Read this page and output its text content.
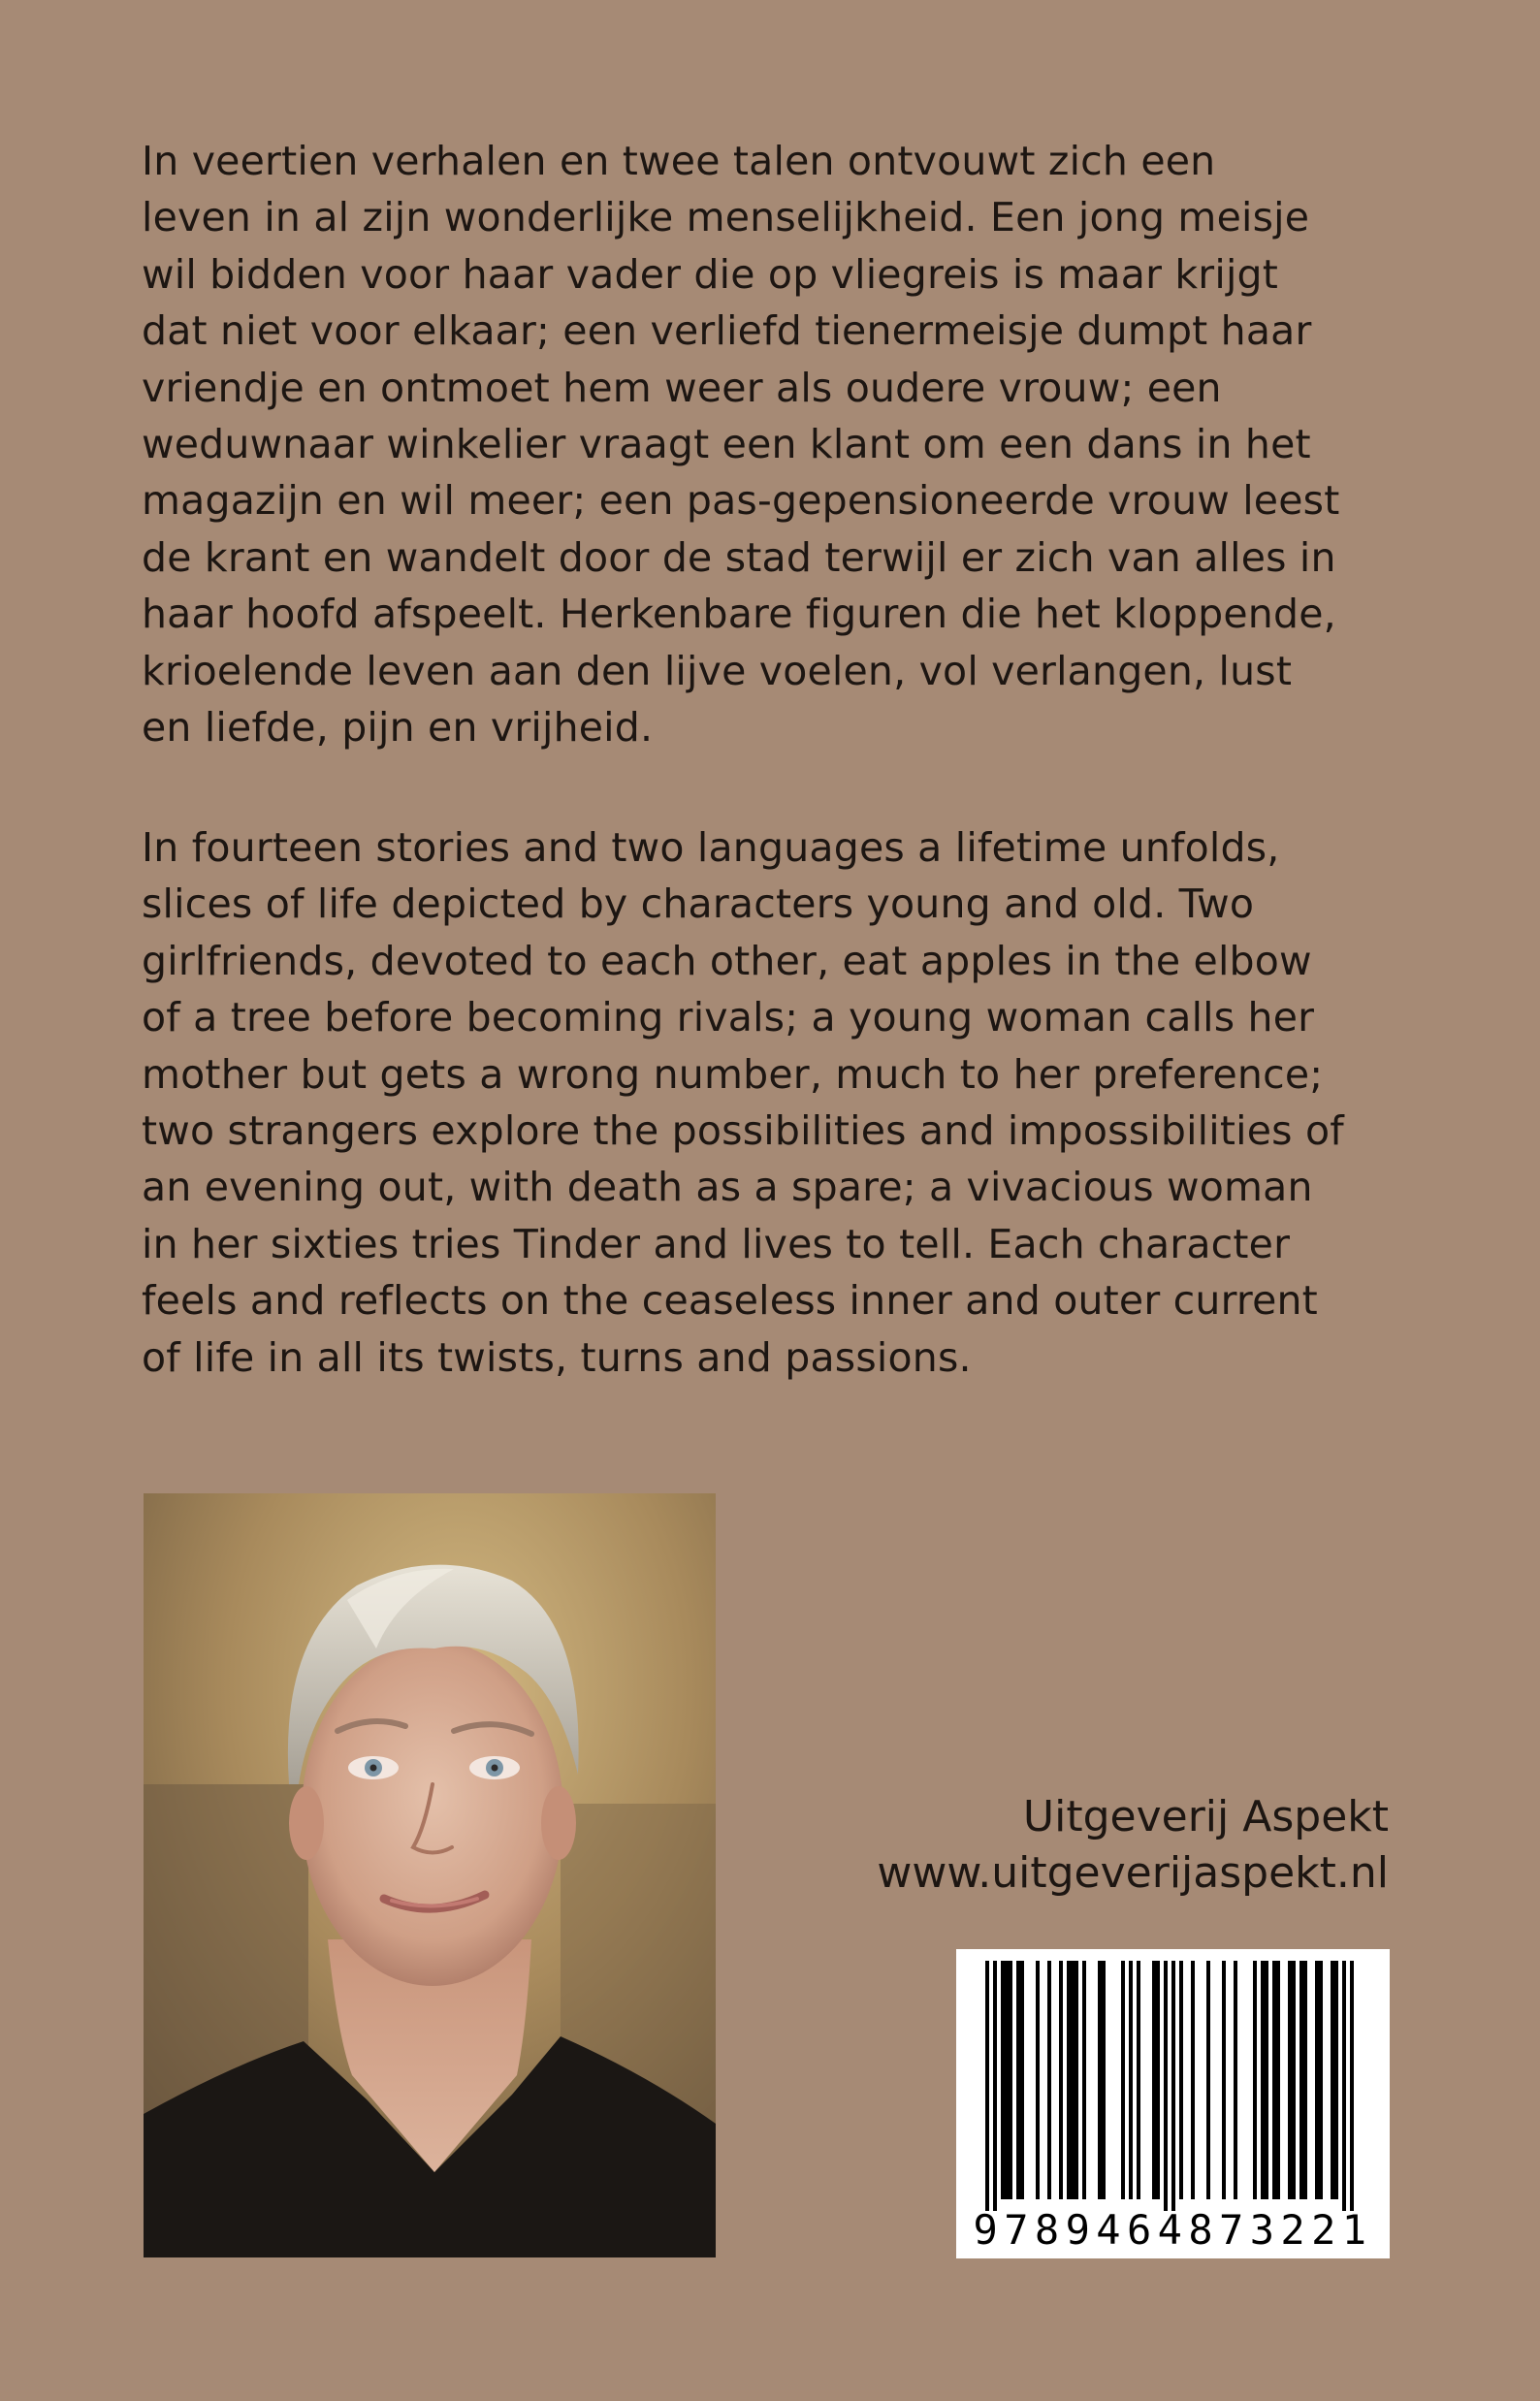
In veertien verhalen en twee talen ontvouwt zich een
leven in al zijn wonderlijke menselijkheid. Een jong meisje
wil bidden voor haar vader die op vliegreis is maar krijgt
dat niet voor elkaar; een verliefd tienermeisje dumpt haar
vriendje en ontmoet hem weer als oudere vrouw; een
weduwnaar winkelier vraagt een klant om een dans in het
magazijn en wil meer; een pas-gepensioneerde vrouw leest
de krant en wandelt door de stad terwijl er zich van alles in
haar hoofd afspeelt. Herkenbare figuren die het kloppende,
krioelende leven aan den lijve voelen, vol verlangen, lust
en liefde, pijn en vrijheid.
In fourteen stories and two languages a lifetime unfolds,
slices of life depicted by characters young and old. Two
girlfriends, devoted to each other, eat apples in the elbow
of a tree before becoming rivals; a young woman calls her
mother but gets a wrong number, much to her preference;
two strangers explore the possibilities and impossibilities of
an evening out, with death as a spare; a vivacious woman
in her sixties tries Tinder and lives to tell. Each character
feels and reflects on the ceaseless inner and outer current
of life in all its twists, turns and passions.
Uitgeverij Aspekt
www.uitgeverijaspekt.nl
9789464873221
